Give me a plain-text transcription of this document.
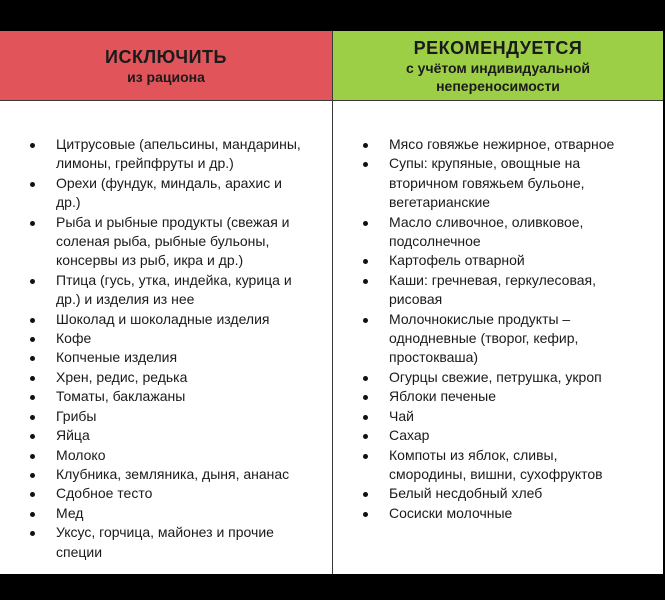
ИСКЛЮЧИТЬ
из рациона
РЕКОМЕНДУЕТСЯ
с учётом индивидуальной
непереносимости
Цитрусовые (апельсины, мандарины,
лимоны, грейпфруты и др.)
Орехи (фундук, миндаль, арахис и
др.)
Рыба и рыбные продукты (свежая и
соленая рыба, рыбные бульоны,
консервы из рыб, икра и др.)
Птица (гусь, утка, индейка, курица и
др.) и изделия из нее
Шоколад и шоколадные изделия
Кофе
Копченые изделия
Хрен, редис, редька
Томаты, баклажаны
Грибы
Яйца
Молоко
Клубника, земляника, дыня, ананас
Сдобное тесто
Мед
Уксус, горчица, майонез и прочие
специи
Мясо говяжье нежирное, отварное
Супы: крупяные, овощные на
вторичном говяжьем бульоне,
вегетарианские
Масло сливочное, оливковое,
подсолнечное
Картофель отварной
Каши: гречневая, геркулесовая,
рисовая
Молочнокислые продукты –
однодневные (творог, кефир,
простокваша)
Огурцы свежие, петрушка, укроп
Яблоки печеные
Чай
Сахар
Компоты из яблок, сливы,
смородины, вишни, сухофруктов
Белый несдобный хлеб
Сосиски молочные
